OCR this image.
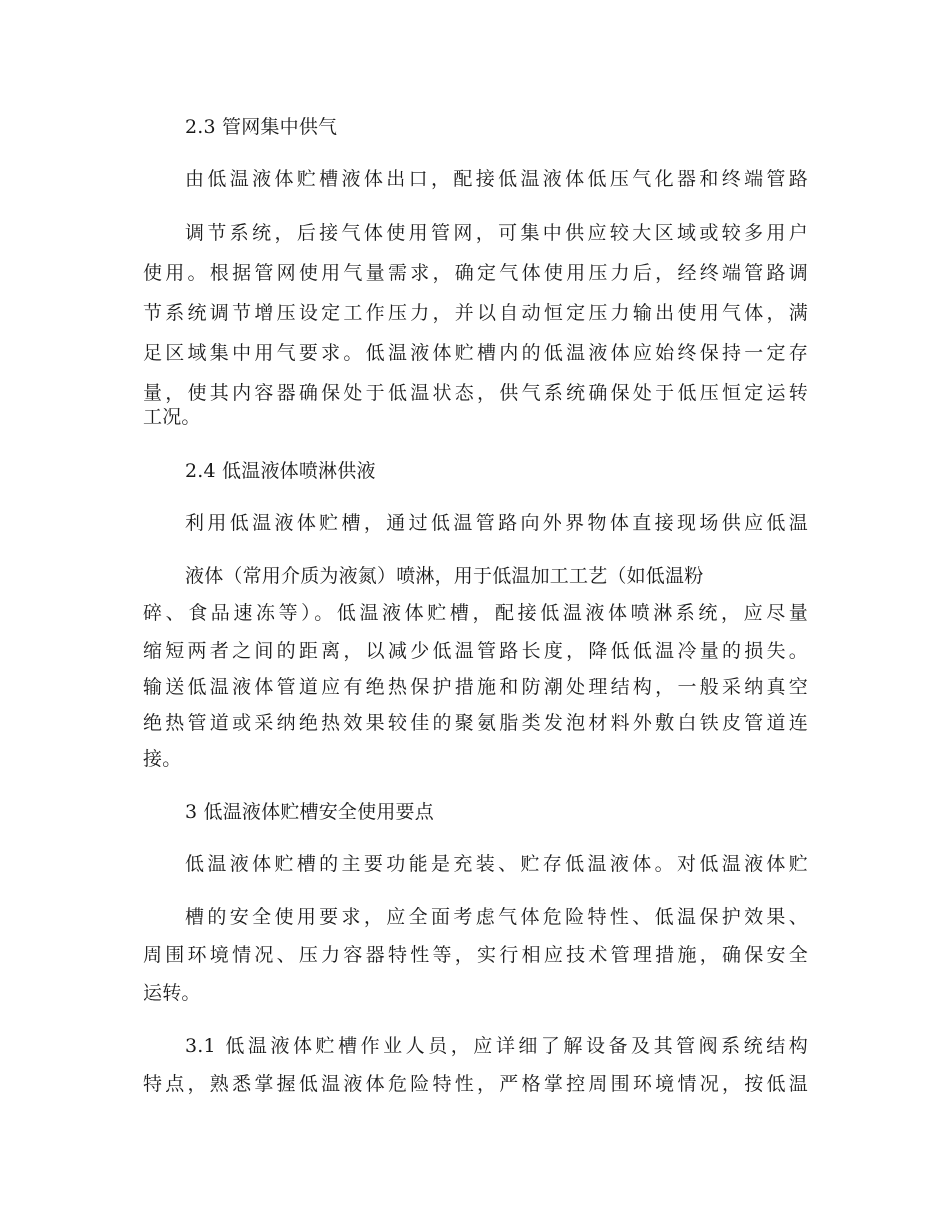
2.3 管网集中供气
由低温液体贮槽液体出口，配接低温液体低压气化器和终端管路
调节系统，后接气体使用管网，可集中供应较大区域或较多用户
使用。根据管网使用气量需求，确定气体使用压力后，经终端管路调
节系统调节增压设定工作压力，并以自动恒定压力输出使用气体，满
足区域集中用气要求。低温液体贮槽内的低温液体应始终保持一定存
量，使其内容器确保处于低温状态，供气系统确保处于低压恒定运转
工况。
2.4 低温液体喷淋供液
利用低温液体贮槽，通过低温管路向外界物体直接现场供应低温
液体（常用介质为液氮）喷淋，用于低温加工工艺（如低温粉
碎、食品速冻等）。低温液体贮槽，配接低温液体喷淋系统，应尽量
缩短两者之间的距离，以减少低温管路长度，降低低温冷量的损失。
输送低温液体管道应有绝热保护措施和防潮处理结构，一般采纳真空
绝热管道或采纳绝热效果较佳的聚氨脂类发泡材料外敷白铁皮管道连
接。
3 低温液体贮槽安全使用要点
低温液体贮槽的主要功能是充装、贮存低温液体。对低温液体贮
槽的安全使用要求，应全面考虑气体危险特性、低温保护效果、
周围环境情况、压力容器特性等，实行相应技术管理措施，确保安全
运转。
3.1 低温液体贮槽作业人员，应详细了解设备及其管阀系统结构
特点，熟悉掌握低温液体危险特性，严格掌控周围环境情况，按低温
